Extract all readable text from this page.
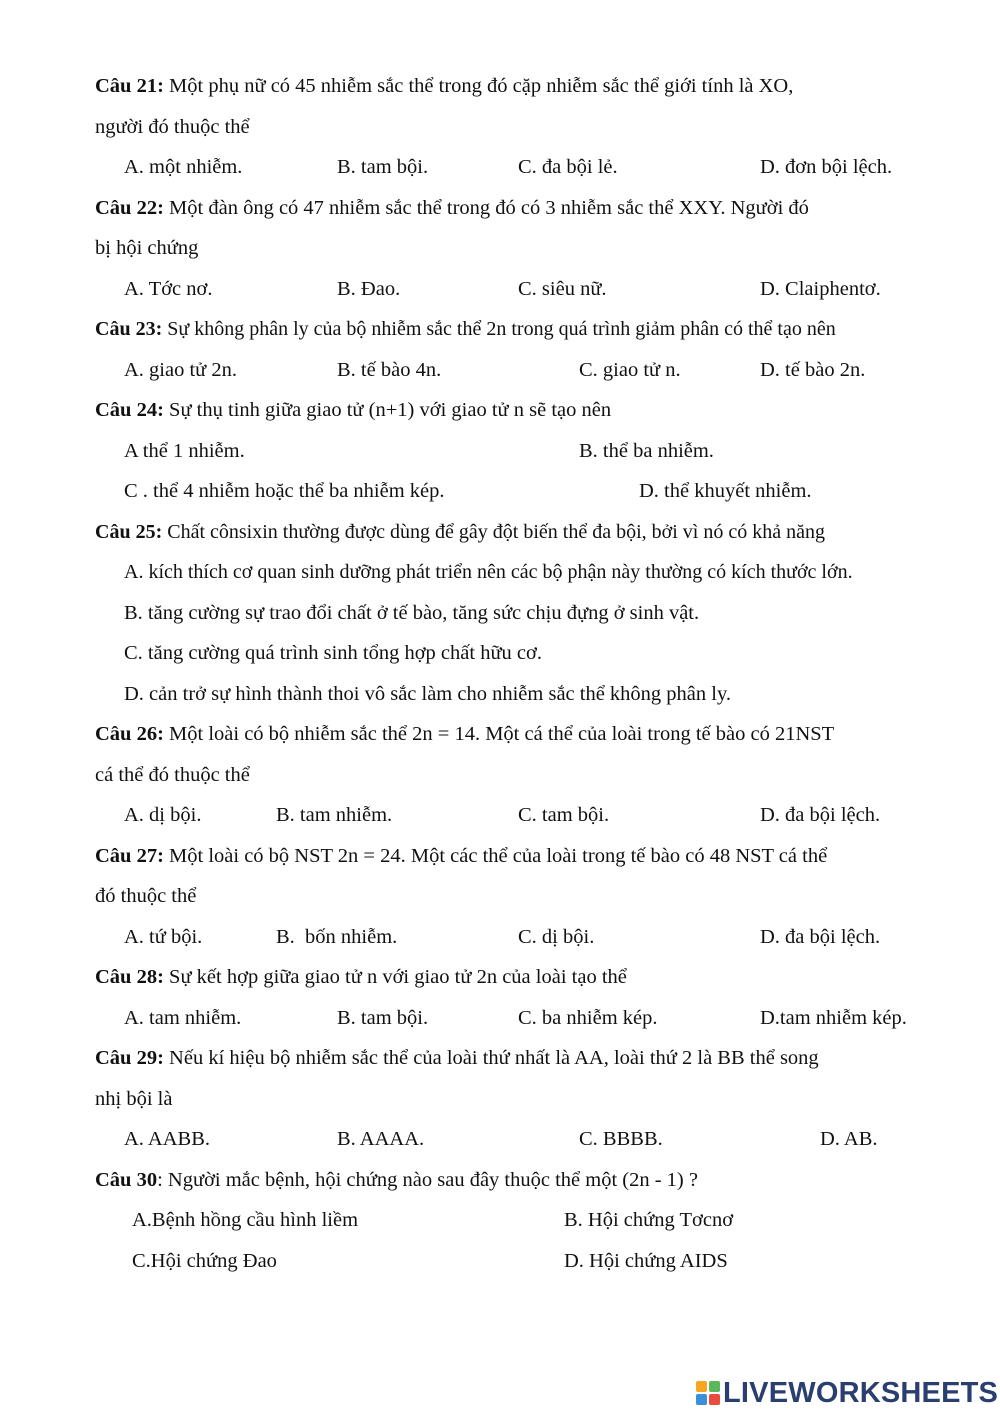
Câu 21: Một phụ nữ có 45 nhiễm sắc thể trong đó cặp nhiễm sắc thể giới tính là XO,
người đó thuộc thể
A. một nhiễm.	B. tam bội.	C. đa bội lẻ.	D. đơn bội lệch.
Câu 22: Một đàn ông có 47 nhiễm sắc thể trong đó có 3 nhiễm sắc thể XXY. Người đó
bị hội chứng
A. Tớc nơ.	B. Đao.	C. siêu nữ.	D. Claiphentơ.
Câu 23: Sự không phân ly của bộ nhiễm sắc thể 2n trong quá trình giảm phân có thể tạo nên
A. giao tử 2n.	B. tế bào 4n.	C. giao tử n.	D. tế bào 2n.
Câu 24: Sự thụ tinh giữa giao tử (n+1) với giao tử n sẽ tạo nên
A thể 1 nhiễm.	B. thể ba nhiễm.
C . thể 4 nhiễm hoặc thể ba nhiễm kép.	D. thể khuyết nhiễm.
Câu 25: Chất cônsixin thường được dùng để gây đột biến thể đa bội, bởi vì nó có khả năng
A. kích thích cơ quan sinh dưỡng phát triển nên các bộ phận này thường có kích thước lớn.
B. tăng cường sự trao đổi chất ở tế bào, tăng sức chịu đựng ở sinh vật.
C. tăng cường quá trình sinh tổng hợp chất hữu cơ.
D. cản trở sự hình thành thoi vô sắc làm cho nhiễm sắc thể không phân ly.
Câu 26: Một loài có bộ nhiễm sắc thể 2n = 14. Một cá thể của loài trong tế bào có 21NST
cá thể đó thuộc thể
A. dị bội.	B. tam nhiễm.	C. tam bội.	D. đa bội lệch.
Câu 27: Một loài có bộ NST 2n = 24. Một các thể của loài trong tế bào có 48 NST cá thể
đó thuộc thể
A. tứ bội.	B.  bốn nhiễm.	C. dị bội.	D. đa bội lệch.
Câu 28: Sự kết hợp giữa giao tử n với giao tử 2n của loài tạo thể
A. tam nhiễm.	B. tam bội.	C. ba nhiễm kép.	D.tam nhiễm kép.
Câu 29: Nếu kí hiệu bộ nhiễm sắc thể của loài thứ nhất là AA, loài thứ 2 là BB thể song
nhị bội là
A. AABB.	B. AAAA.	C. BBBB.	D. AB.
Câu 30: Người mắc bệnh, hội chứng nào sau đây thuộc thể một (2n - 1) ?
A.Bệnh hồng cầu hình liềm	B. Hội chứng Tơcnơ
C.Hội chứng Đao	D. Hội chứng AIDS
LIVEWORKSHEETS
